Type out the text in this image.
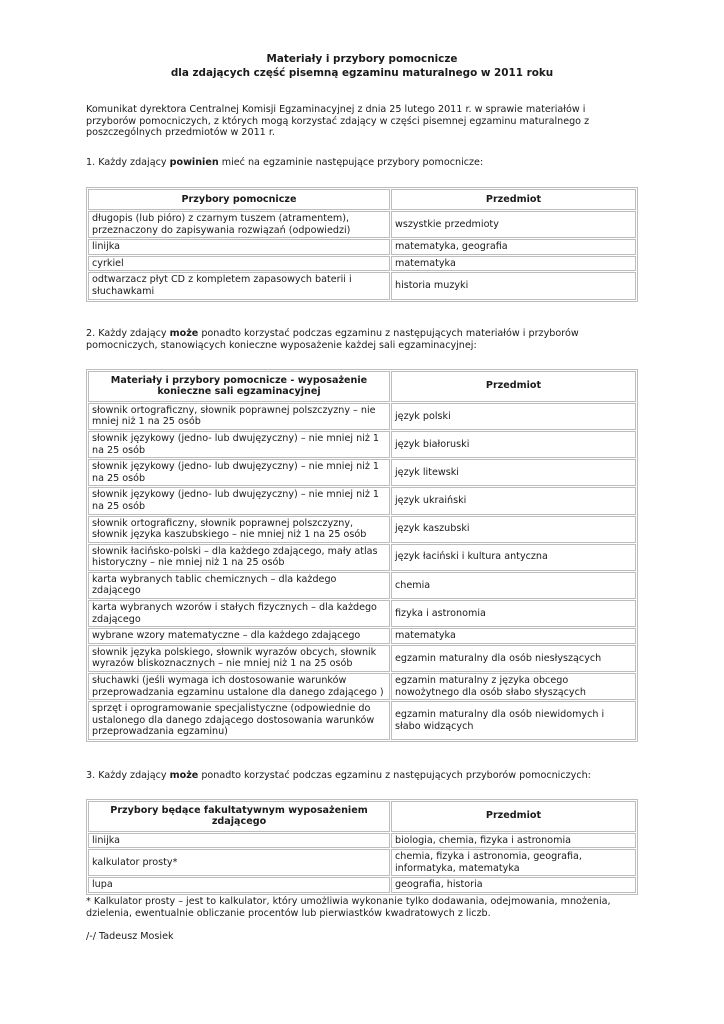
Materiały i przybory pomocnicze
dla zdających część pisemną egzaminu maturalnego w 2011 roku
Komunikat dyrektora Centralnej Komisji Egzaminacyjnej z dnia 25 lutego 2011 r. w sprawie materiałów i przyborów pomocniczych, z których mogą korzystać zdający w części pisemnej egzaminu maturalnego z poszczególnych przedmiotów w 2011 r.
1. Każdy zdający powinien mieć na egzaminie następujące przybory pomocnicze:
Przybory pomocnicze	Przedmiot
długopis (lub pióro) z czarnym tuszem (atramentem), przeznaczony do zapisywania rozwiązań (odpowiedzi)	wszystkie przedmioty
linijka	matematyka, geografia
cyrkiel	matematyka
odtwarzacz płyt CD z kompletem zapasowych baterii i słuchawkami	historia muzyki
2. Każdy zdający może ponadto korzystać podczas egzaminu z następujących materiałów i przyborów pomocniczych, stanowiących konieczne wyposażenie każdej sali egzaminacyjnej:
Materiały i przybory pomocnicze - wyposażenie konieczne sali egzaminacyjnej	Przedmiot
słownik ortograficzny, słownik poprawnej polszczyzny – nie mniej niż 1 na 25 osób	język polski
słownik językowy (jedno- lub dwujęzyczny) – nie mniej niż 1 na 25 osób	język białoruski
słownik językowy (jedno- lub dwujęzyczny) – nie mniej niż 1 na 25 osób	język litewski
słownik językowy (jedno- lub dwujęzyczny) – nie mniej niż 1 na 25 osób	język ukraiński
słownik ortograficzny, słownik poprawnej polszczyzny, słownik języka kaszubskiego – nie mniej niż 1 na 25 osób	język kaszubski
słownik łacińsko-polski – dla każdego zdającego, mały atlas historyczny – nie mniej niż 1 na 25 osób	język łaciński i kultura antyczna
karta wybranych tablic chemicznych – dla każdego zdającego	chemia
karta wybranych wzorów i stałych fizycznych – dla każdego zdającego	fizyka i astronomia
wybrane wzory matematyczne – dla każdego zdającego	matematyka
słownik języka polskiego, słownik wyrazów obcych, słownik wyrazów bliskoznacznych – nie mniej niż 1 na 25 osób	egzamin maturalny dla osób niesłyszących
słuchawki (jeśli wymaga ich dostosowanie warunków przeprowadzania egzaminu ustalone dla danego zdającego )	egzamin maturalny z języka obcego nowożytnego dla osób słabo słyszących
sprzęt i oprogramowanie specjalistyczne (odpowiednie do ustalonego dla danego zdającego dostosowania warunków przeprowadzania egzaminu)	egzamin maturalny dla osób niewidomych i słabo widzących
3. Każdy zdający może ponadto korzystać podczas egzaminu z następujących przyborów pomocniczych:
Przybory będące fakultatywnym wyposażeniem zdającego	Przedmiot
linijka	biologia, chemia, fizyka i astronomia
kalkulator prosty*	chemia, fizyka i astronomia, geografia, informatyka, matematyka
lupa	geografia, historia
* Kalkulator prosty – jest to kalkulator, który umożliwia wykonanie tylko dodawania, odejmowania, mnożenia, dzielenia, ewentualnie obliczanie procentów lub pierwiastków kwadratowych z liczb.
/-/ Tadeusz Mosiek
